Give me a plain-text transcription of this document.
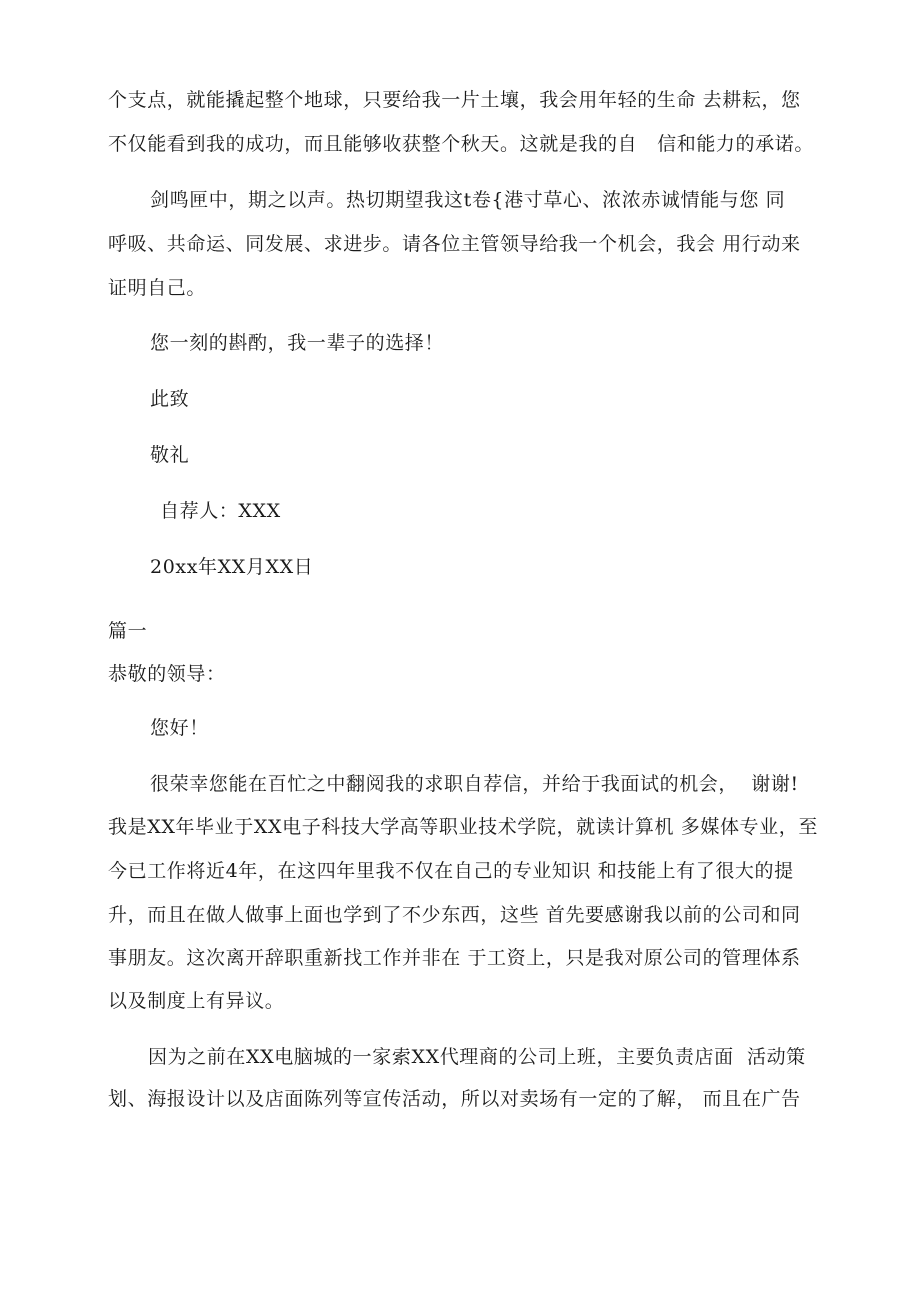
个支点，就能撬起整个地球，只要给我一片土壤，我会用年轻的生命 去耕耘，您
不仅能看到我的成功，而且能够收获整个秋天。这就是我的自   信和能力的承诺。
剑鸣匣中，期之以声。热切期望我这t卷{港寸草心、浓浓赤诚情能与您 同
呼吸、共命运、同发展、求进步。请各位主管领导给我一个机会，我会 用行动来
证明自己。
您一刻的斟酌，我一辈子的选择！
此致
敬礼
自荐人：XXX
20xx年XX月XX日
篇一
恭敬的领导：
您好！
很荣幸您能在百忙之中翻阅我的求职自荐信，并给于我面试的机会，  谢谢!
我是XX年毕业于XX电子科技大学高等职业技术学院，就读计算机 多媒体专业，至
今已工作将近4年，在这四年里我不仅在自己的专业知识 和技能上有了很大的提
升，而且在做人做事上面也学到了不少东西，这些 首先要感谢我以前的公司和同
事朋友。这次离开辞职重新找工作并非在 于工资上，只是我对原公司的管理体系
以及制度上有异议。
因为之前在XX电脑城的一家索XX代理商的公司上班，主要负责店面  活动策
划、海报设计以及店面陈列等宣传活动，所以对卖场有一定的了解， 而且在广告
